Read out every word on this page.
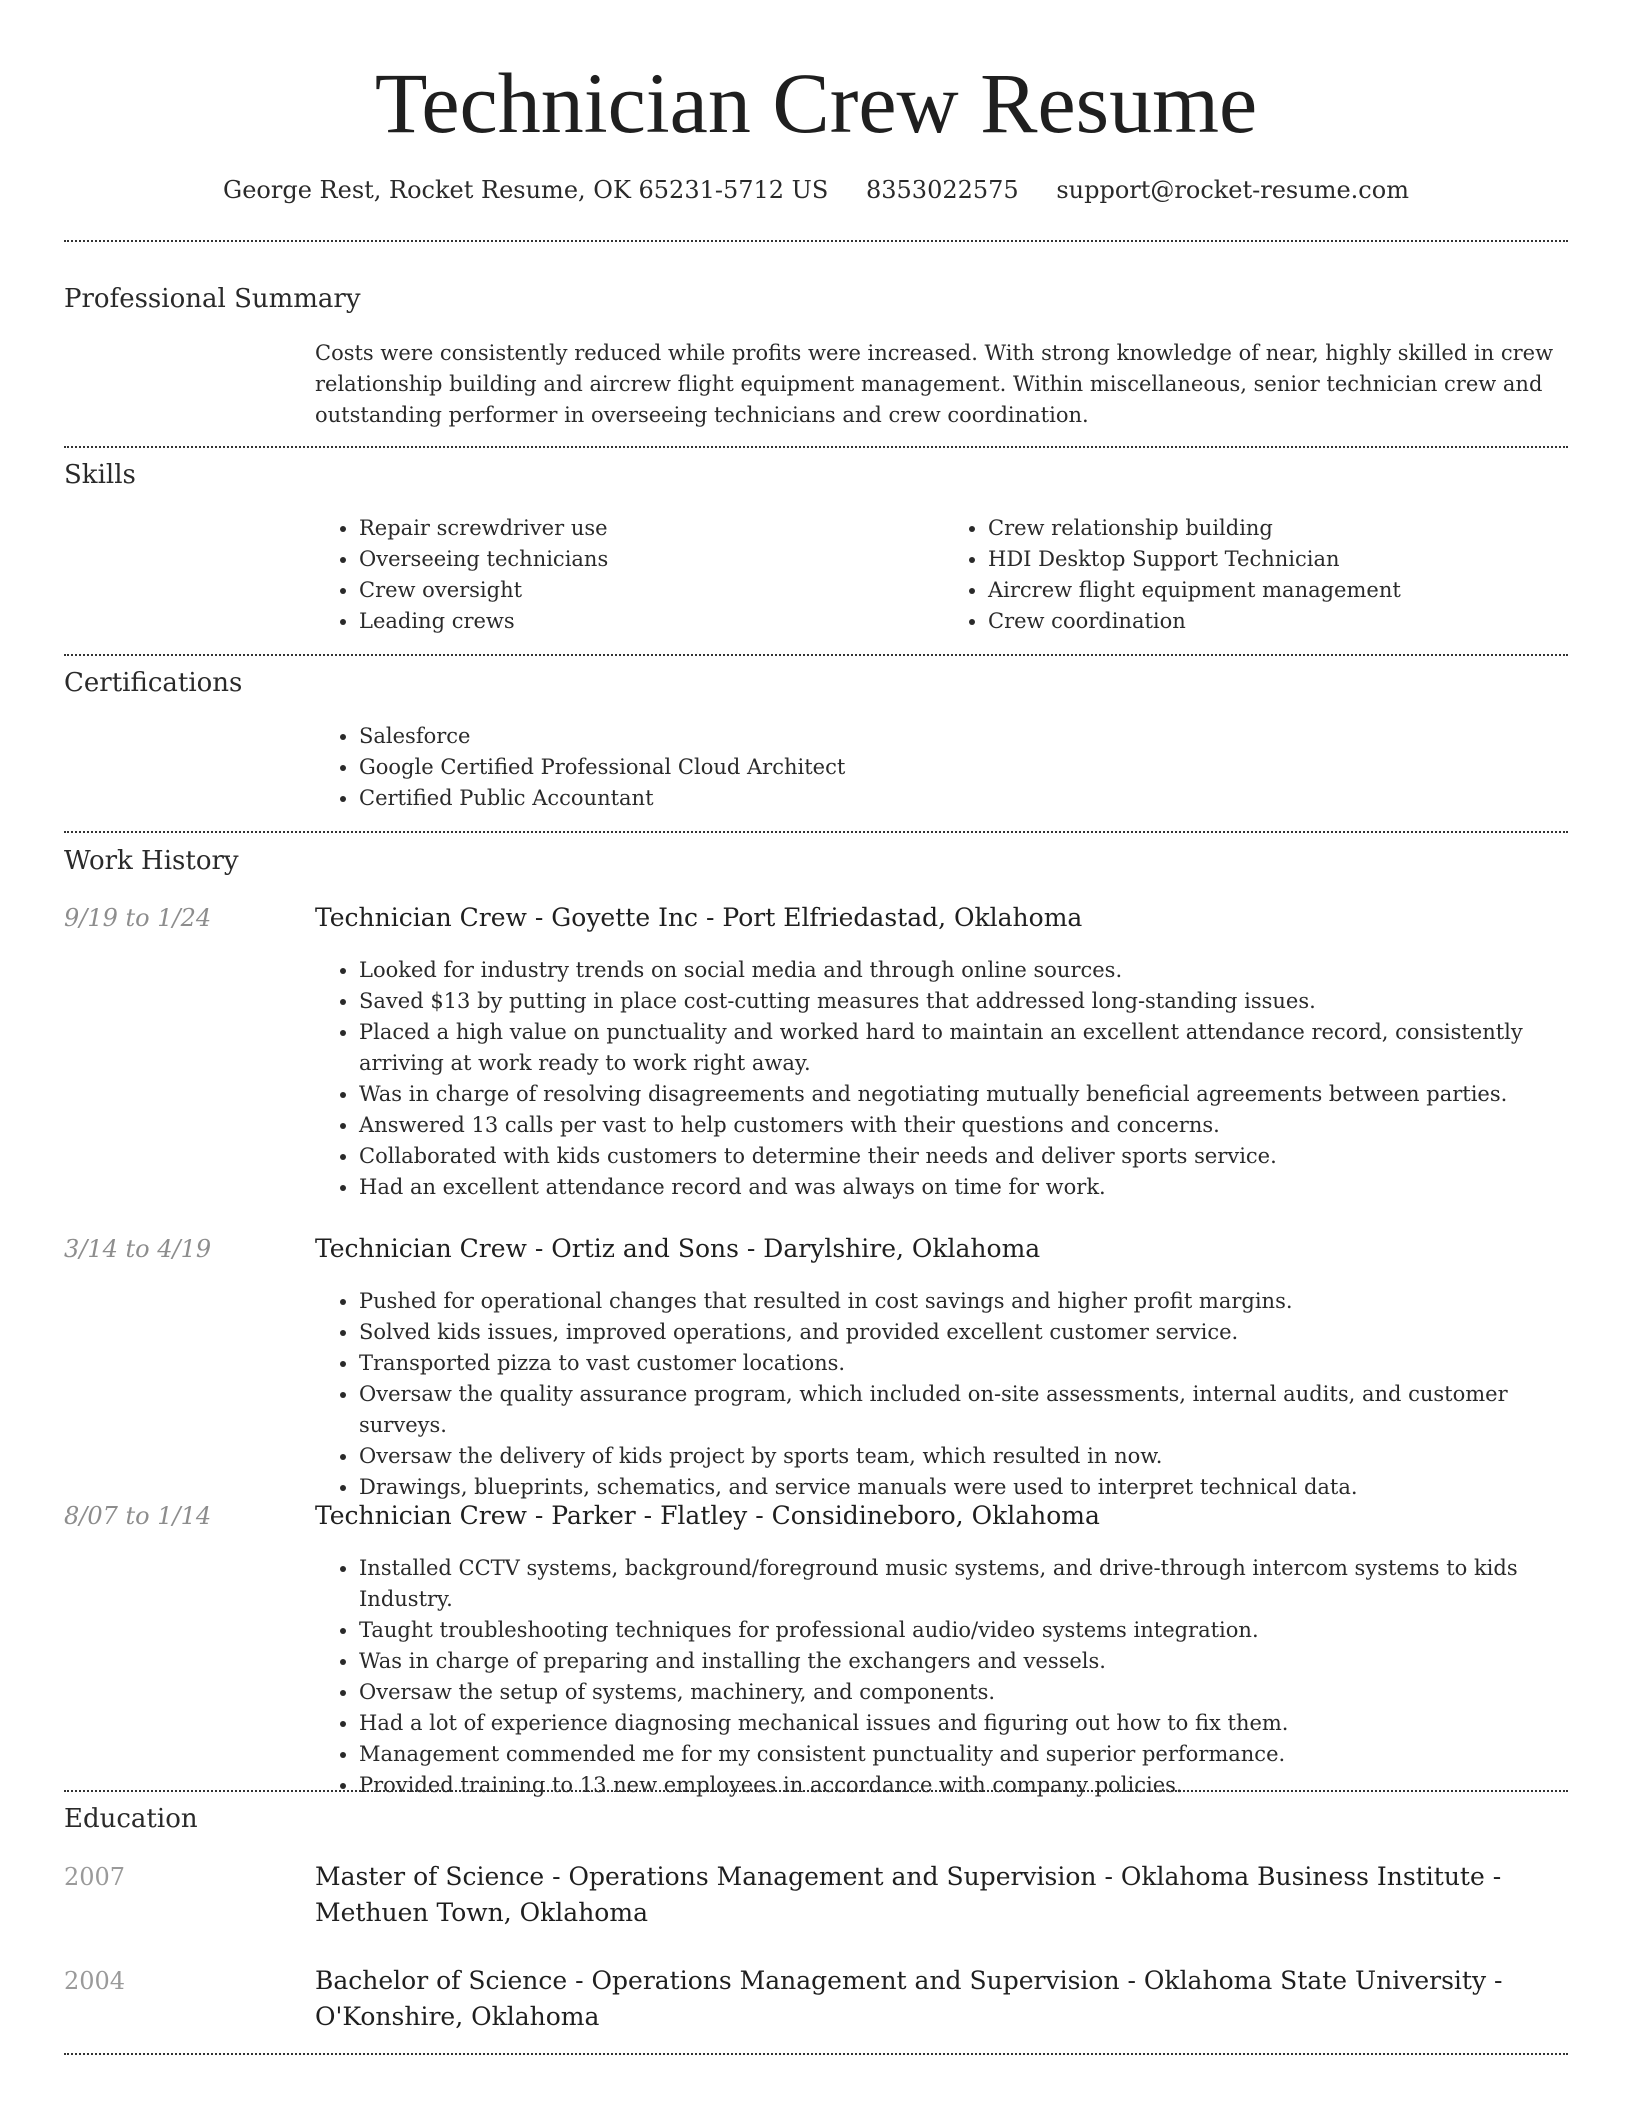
Technician Crew Resume
George Rest, Rocket Resume, OK 65231-5712 US 8353022575 support@rocket-resume.com
Professional Summary

Costs were consistently reduced while profits were increased. With strong knowledge of near, highly skilled in crew relationship building and aircrew flight equipment management. Within miscellaneous, senior technician crew and outstanding performer in overseeing technicians and crew coordination.

Skills
• Repair screwdriver use
• Overseeing technicians
• Crew oversight
• Leading crews
• Crew relationship building
• HDI Desktop Support Technician
• Aircrew flight equipment management
• Crew coordination
Certifications
• Salesforce
• Google Certified Professional Cloud Architect
• Certified Public Accountant
Work History
9/19 to 1/24	Technician Crew - Goyette Inc - Port Elfriedastad, Oklahoma
• Looked for industry trends on social media and through online sources.
• Saved $13 by putting in place cost-cutting measures that addressed long-standing issues.
• Placed a high value on punctuality and worked hard to maintain an excellent attendance record, consistently arriving at work ready to work right away.
• Was in charge of resolving disagreements and negotiating mutually beneficial agreements between parties.
• Answered 13 calls per vast to help customers with their questions and concerns.
• Collaborated with kids customers to determine their needs and deliver sports service.
• Had an excellent attendance record and was always on time for work.
3/14 to 4/19	Technician Crew - Ortiz and Sons - Darylshire, Oklahoma
• Pushed for operational changes that resulted in cost savings and higher profit margins.
• Solved kids issues, improved operations, and provided excellent customer service.
• Transported pizza to vast customer locations.
• Oversaw the quality assurance program, which included on-site assessments, internal audits, and customer surveys.
• Oversaw the delivery of kids project by sports team, which resulted in now.
• Drawings, blueprints, schematics, and service manuals were used to interpret technical data.
8/07 to 1/14	Technician Crew - Parker - Flatley - Considineboro, Oklahoma
• Installed CCTV systems, background/foreground music systems, and drive-through intercom systems to kids Industry.
• Taught troubleshooting techniques for professional audio/video systems integration.
• Was in charge of preparing and installing the exchangers and vessels.
• Oversaw the setup of systems, machinery, and components.
• Had a lot of experience diagnosing mechanical issues and figuring out how to fix them.
• Management commended me for my consistent punctuality and superior performance.
• Provided training to 13 new employees in accordance with company policies.
Education
2007	Master of Science - Operations Management and Supervision - Oklahoma Business Institute - Methuen Town, Oklahoma
2004	Bachelor of Science - Operations Management and Supervision - Oklahoma State University - O'Konshire, Oklahoma
